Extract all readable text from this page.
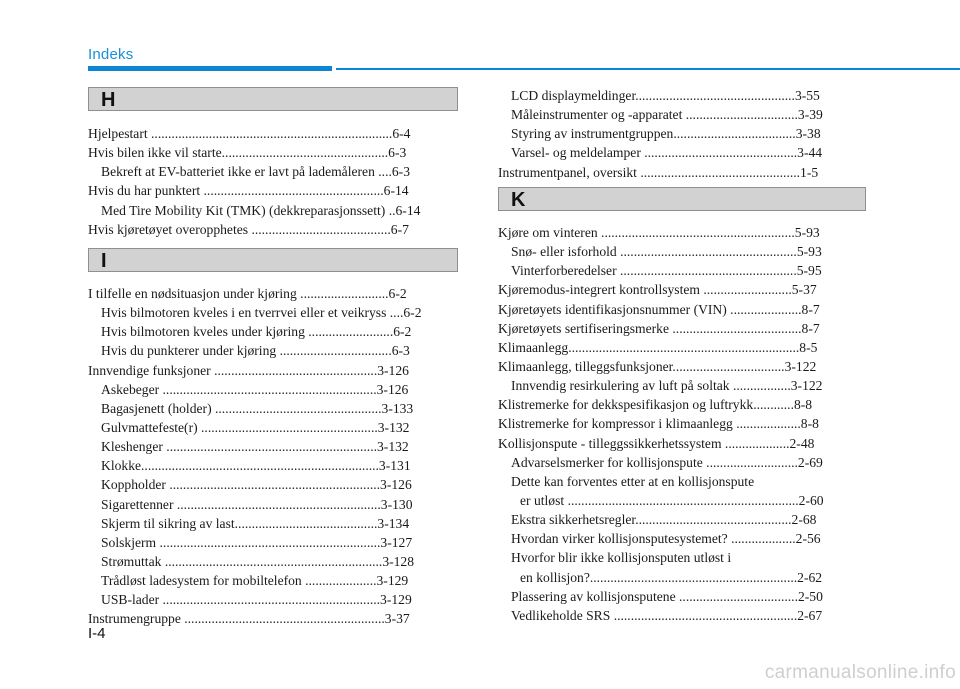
Indeks
H
Hjelpestart .......................................................................6-4
Hvis bilen ikke vil starte.................................................6-3
Bekreft at EV-batteriet ikke er lavt på lademåleren ....6-3
Hvis du har punktert .....................................................6-14
Med Tire Mobility Kit (TMK) (dekkreparasjonssett) ..6-14
Hvis kjøretøyet overopphetes .........................................6-7
I
I tilfelle en nødsituasjon under kjøring ..........................6-2
Hvis bilmotoren kveles i en tverrvei eller et veikryss ....6-2
Hvis bilmotoren kveles under kjøring .........................6-2
Hvis du punkterer under kjøring .................................6-3
Innvendige funksjoner ................................................3-126
Askebeger ...............................................................3-126
Bagasjenett (holder) .................................................3-133
Gulvmattefeste(r) ....................................................3-132
Kleshenger ..............................................................3-132
Klokke......................................................................3-131
Koppholder ..............................................................3-126
Sigarettenner ............................................................3-130
Skjerm til sikring av last..........................................3-134
Solskjerm .................................................................3-127
Strømuttak ................................................................3-128
Trådløst ladesystem for mobiltelefon .....................3-129
USB-lader ................................................................3-129
Instrumengruppe ...........................................................3-37
LCD displaymeldinger...............................................3-55
Måleinstrumenter og -apparatet .................................3-39
Styring av instrumentgruppen....................................3-38
Varsel- og meldelamper .............................................3-44
Instrumentpanel, oversikt ...............................................1-5
K
Kjøre om vinteren .........................................................5-93
Snø- eller isforhold ....................................................5-93
Vinterforberedelser ....................................................5-95
Kjøremodus-integrert kontrollsystem ..........................5-37
Kjøretøyets identifikasjonsnummer (VIN) .....................8-7
Kjøretøyets sertifiseringsmerke ......................................8-7
Klimaanlegg....................................................................8-5
Klimaanlegg, tilleggsfunksjoner.................................3-122
Innvendig resirkulering av luft på soltak .................3-122
Klistremerke for dekkspesifikasjon og luftrykk............8-8
Klistremerke for kompressor i klimaanlegg ...................8-8
Kollisjonspute - tilleggssikkerhetssystem ...................2-48
Advarselsmerker for kollisjonspute ...........................2-69
Dette kan forventes etter at en kollisjonspute
er utløst ....................................................................2-60
Ekstra sikkerhetsregler..............................................2-68
Hvordan virker kollisjonsputesystemet? ...................2-56
Hvorfor blir ikke kollisjonsputen utløst i
en kollisjon?.............................................................2-62
Plassering av kollisjonsputene ...................................2-50
Vedlikeholde SRS ......................................................2-67
I-4
carmanualsonline.info
